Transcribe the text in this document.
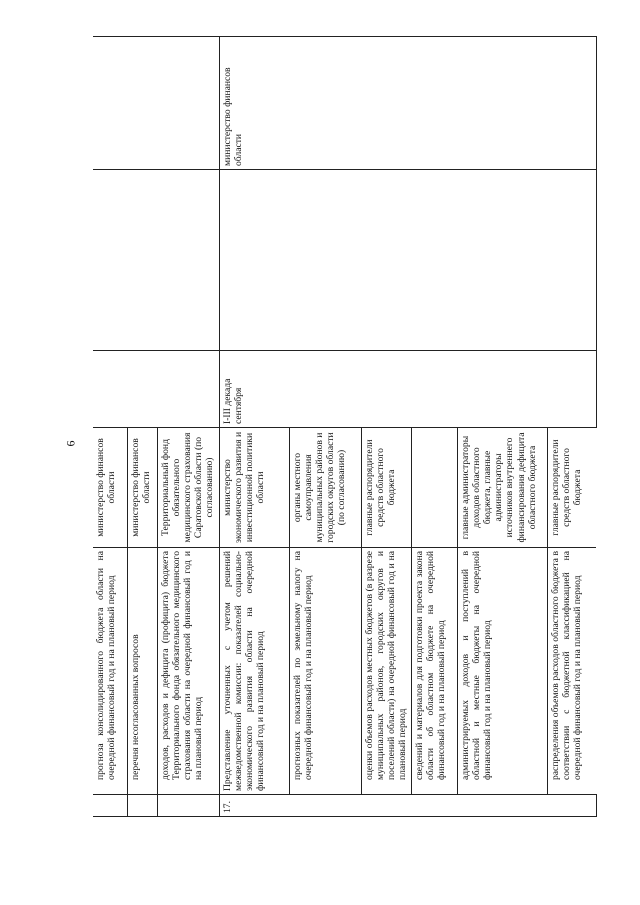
6
	прогноза консолидированного бюджета области на очередной финансовый год и на плановый период	министерство финансов области			
	перечня несогласованных вопросов	министерство финансов области			
	доходов, расходов и дефицита (профицита) бюджета Территориального фонда обязательного медицинского страхования области на очередной финансовый год и на плановый период	Территориальный фонд обязательного медицинского страхования Саратовской области (по согласованию)			
17.	Представление уточненных с учетом решений межведомственной комиссии: показателей социально-экономического развития области на очередной финансовый год и на плановый период	министерство экономического развития и инвестиционной политики области	I-III декада сентября		министерство финансов области
	прогнозных показателей по земельному налогу на очередной финансовый год и на плановый период	органы местного самоуправления муниципальных районов и городских округов области (по согласованию)			
	оценки объемов расходов местных бюджетов (в разрезе муниципальных районов, городских округов и поселений области) на очередной финансовый год и на плановый период	главные распорядители средств областного бюджета			
	сведений и материалов для подготовки проекта закона области об областном бюджете на очередной финансовый год и на плановый период				
	администрируемых доходов и поступлений в областной и местные бюджеты на очередной финансовый год и на плановый период	главные администраторы доходов областного бюджета, главные администраторы источников внутреннего финансирования дефицита областного бюджета			
	распределения объемов расходов областного бюджета в соответствии с бюджетной классификацией на очередной финансовый год и на плановый период	главные распорядители средств областного бюджета			
